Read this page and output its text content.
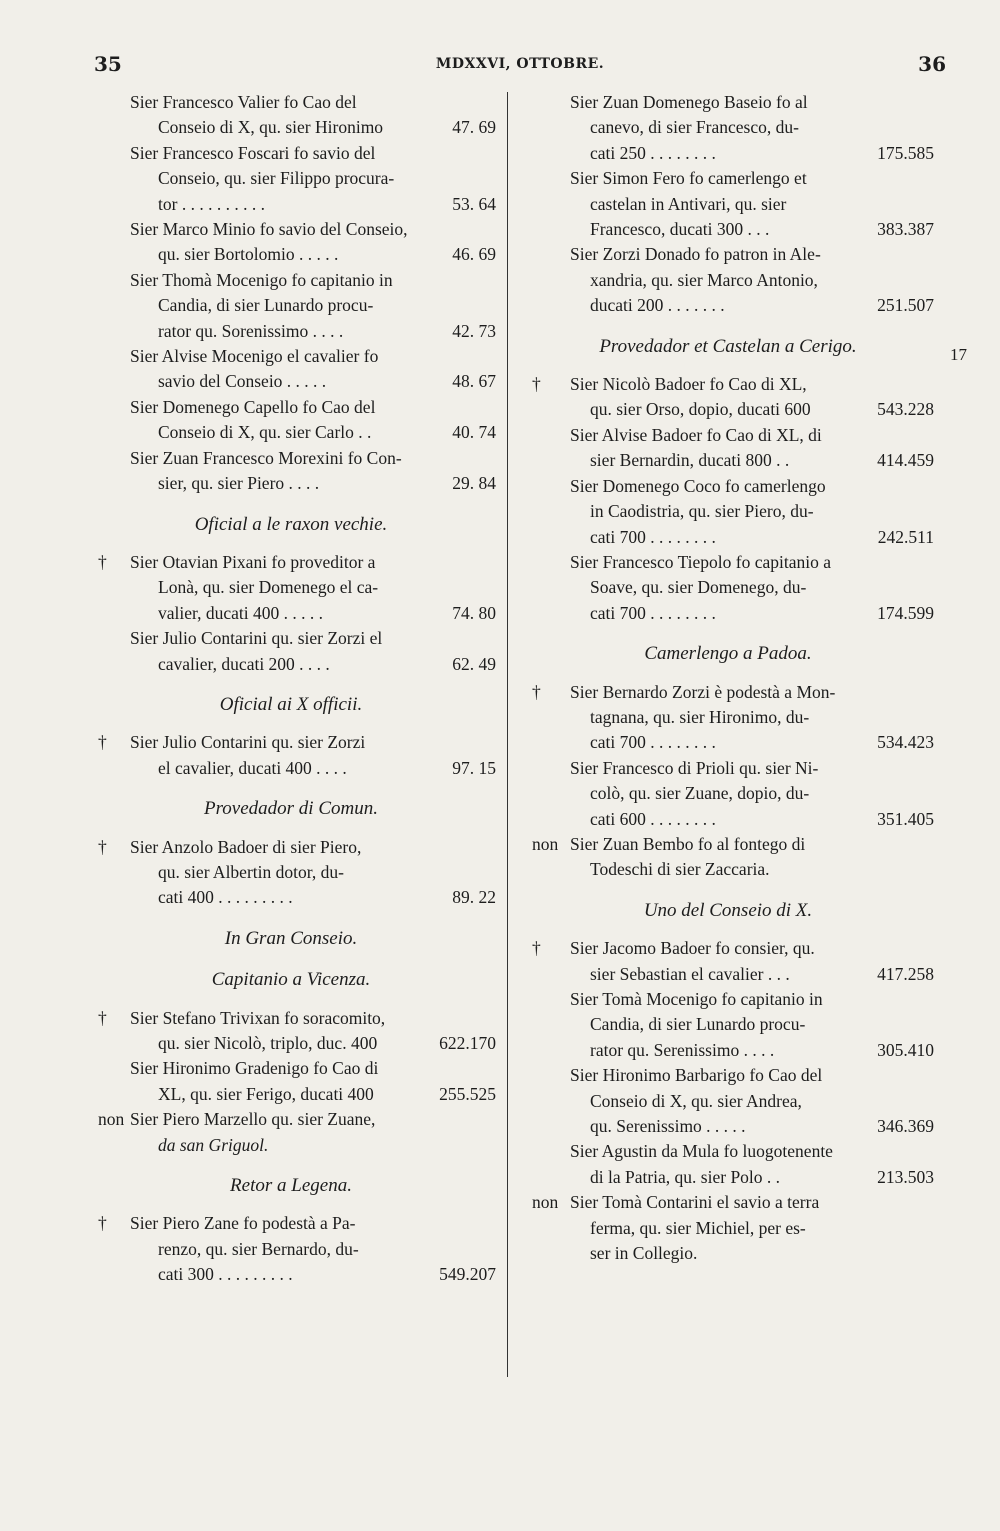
35	MDXXVI, OTTOBRE.	36
Sier Francesco Valier fo Cao del
Conseio di X, qu. sier Hironimo	47. 69
Sier Francesco Foscari fo savio del
Conseio, qu. sier Filippo procura-
tor . . . . . . . . . .	53. 64
Sier Marco Minio fo savio del Conseio,
qu. sier Bortolomio . . . . .	46. 69
Sier Thomà Mocenigo fo capitanio in
Candia, di sier Lunardo procu-
rator qu. Sorenissimo . . . .	42. 73
Sier Alvise Mocenigo el cavalier fo
savio del Conseio . . . . .	48. 67
Sier Domenego Capello fo Cao del
Conseio di X, qu. sier Carlo . .	40. 74
Sier Zuan Francesco Morexini fo Con-
sier, qu. sier Piero . . . .	29. 84
Oficial a le raxon vechie.
†	Sier Otavian Pixani fo proveditor a
Lonà, qu. sier Domenego el ca-
valier, ducati 400 . . . . .	74. 80
Sier Julio Contarini qu. sier Zorzi el
cavalier, ducati 200 . . . .	62. 49
Oficial ai X officii.
†	Sier Julio Contarini qu. sier Zorzi
el cavalier, ducati 400 . . . .	97. 15
Provedador di Comun.
†	Sier Anzolo Badoer di sier Piero,
qu. sier Albertin dotor, du-
cati 400 . . . . . . . . .	89. 22
In Gran Conseio.
Capitanio a Vicenza.
†	Sier Stefano Trivixan fo soracomito,
qu. sier Nicolò, triplo, duc. 400	622.170
Sier Hironimo Gradenigo fo Cao di
XL, qu. sier Ferigo, ducati 400	255.525
non Sier Piero Marzello qu. sier Zuane,
da san Griguol.
Retor a Legena.
†	Sier Piero Zane fo podestà a Pa-
renzo, qu. sier Bernardo, du-
cati 300 . . . . . . . . .	549.207
Sier Zuan Domenego Baseio fo al
canevo, di sier Francesco, du-
cati 250 . . . . . . . .	175.585
Sier Simon Fero fo camerlengo et
castelan in Antivari, qu. sier
Francesco, ducati 300 . . .	383.387
Sier Zorzi Donado fo patron in Ale-
xandria, qu. sier Marco Antonio,
ducati 200 . . . . . . .	251.507
Provedador et Castelan a Cerigo.
†	Sier Nicolò Badoer fo Cao di XL,
qu. sier Orso, dopio, ducati 600	543.228
Sier Alvise Badoer fo Cao di XL, di
sier Bernardin, ducati 800 . .	414.459
Sier Domenego Coco fo camerlengo
in Caodistria, qu. sier Piero, du-
cati 700 . . . . . . . .	242.511
Sier Francesco Tiepolo fo capitanio a
Soave, qu. sier Domenego, du-
cati 700 . . . . . . . .	174.599
Camerlengo a Padoa.
†	Sier Bernardo Zorzi è podestà a Mon-
tagnana, qu. sier Hironimo, du-
cati 700 . . . . . . . .	534.423
Sier Francesco di Prioli qu. sier Ni-
colò, qu. sier Zuane, dopio, du-
cati 600 . . . . . . . .	351.405
non Sier Zuan Bembo fo al fontego di
Todeschi di sier Zaccaria.
Uno del Conseio di X.
†	Sier Jacomo Badoer fo consier, qu.
sier Sebastian el cavalier . . .	417.258
Sier Tomà Mocenigo fo capitanio in
Candia, di sier Lunardo procu-
rator qu. Serenissimo . . . .	305.410
Sier Hironimo Barbarigo fo Cao del
Conseio di X, qu. sier Andrea,
qu. Serenissimo . . . . .	346.369
Sier Agustin da Mula fo luogotenente
di la Patria, qu. sier Polo . .	213.503
non Sier Tomà Contarini el savio a terra
ferma, qu. sier Michiel, per es-
ser in Collegio.
17
